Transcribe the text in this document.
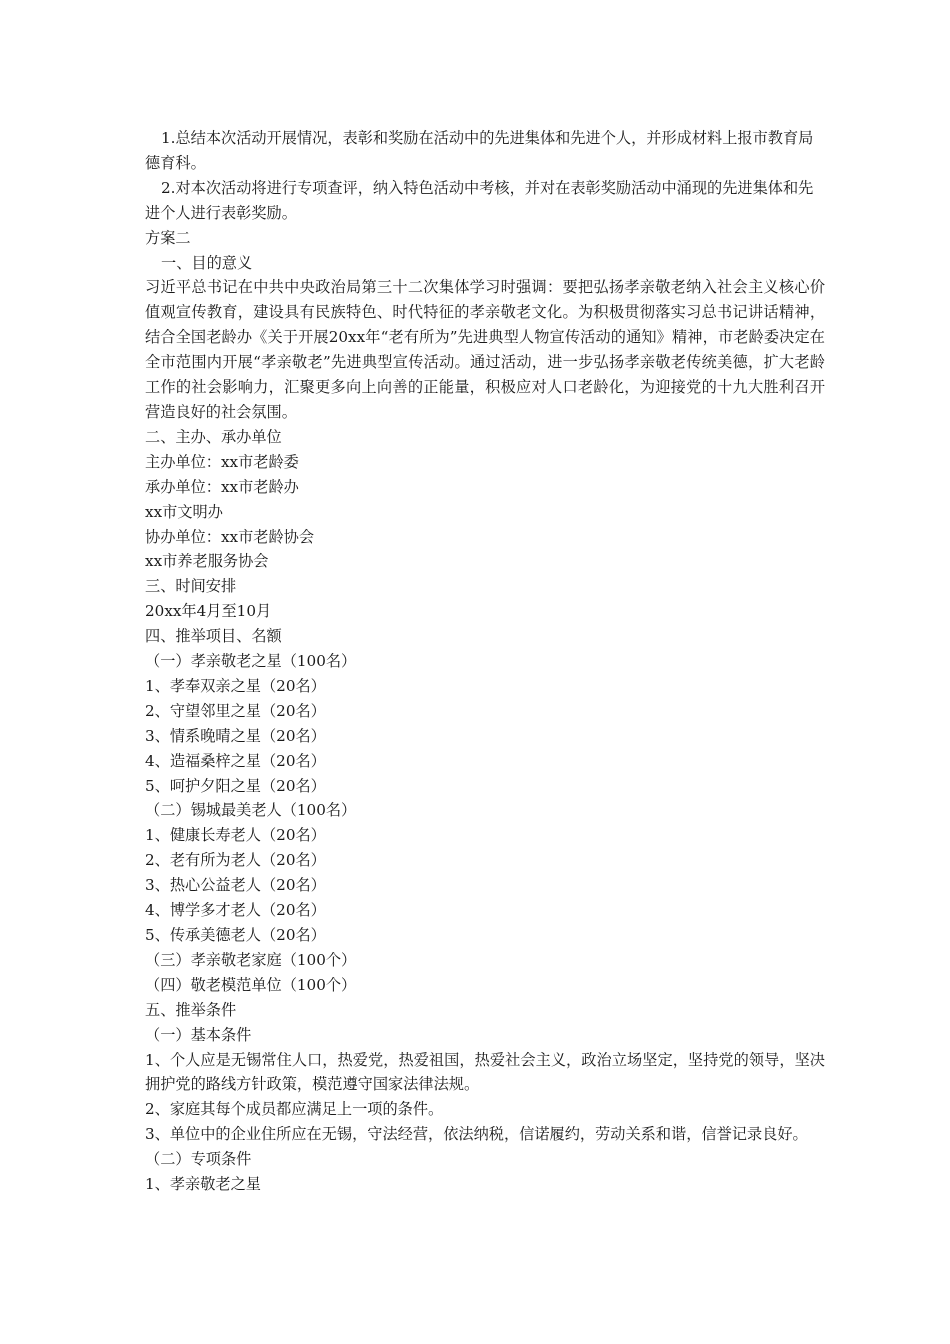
1.总结本次活动开展情况，表彰和奖励在活动中的先进集体和先进个人，并形成材料上报市教育局德育科。

2.对本次活动将进行专项查评，纳入特色活动中考核，并对在表彰奖励活动中涌现的先进集体和先进个人进行表彰奖励。

方案二

一、目的意义

习近平总书记在中共中央政治局第三十二次集体学习时强调：要把弘扬孝亲敬老纳入社会主义核心价值观宣传教育，建设具有民族特色、时代特征的孝亲敬老文化。为积极贯彻落实习总书记讲话精神，结合全国老龄办《关于开展20xx年“老有所为”先进典型人物宣传活动的通知》精神，市老龄委决定在全市范围内开展“孝亲敬老”先进典型宣传活动。通过活动，进一步弘扬孝亲敬老传统美德，扩大老龄工作的社会影响力，汇聚更多向上向善的正能量，积极应对人口老龄化，为迎接党的十九大胜利召开营造良好的社会氛围。

二、主办、承办单位

主办单位：xx市老龄委

承办单位：xx市老龄办

xx市文明办

协办单位：xx市老龄协会

xx市养老服务协会

三、时间安排

20xx年4月至10月

四、推举项目、名额

（一）孝亲敬老之星（100名）

1、孝奉双亲之星（20名）

2、守望邻里之星（20名）

3、情系晚晴之星（20名）

4、造福桑梓之星（20名）

5、呵护夕阳之星（20名）

（二）锡城最美老人（100名）

1、健康长寿老人（20名）

2、老有所为老人（20名）

3、热心公益老人（20名）

4、博学多才老人（20名）

5、传承美德老人（20名）

（三）孝亲敬老家庭（100个）

（四）敬老模范单位（100个）

五、推举条件

（一）基本条件

1、个人应是无锡常住人口，热爱党，热爱祖国，热爱社会主义，政治立场坚定，坚持党的领导，坚决拥护党的路线方针政策，模范遵守国家法律法规。

2、家庭其每个成员都应满足上一项的条件。

3、单位中的企业住所应在无锡，守法经营，依法纳税，信诺履约，劳动关系和谐，信誉记录良好。

（二）专项条件

1、孝亲敬老之星
